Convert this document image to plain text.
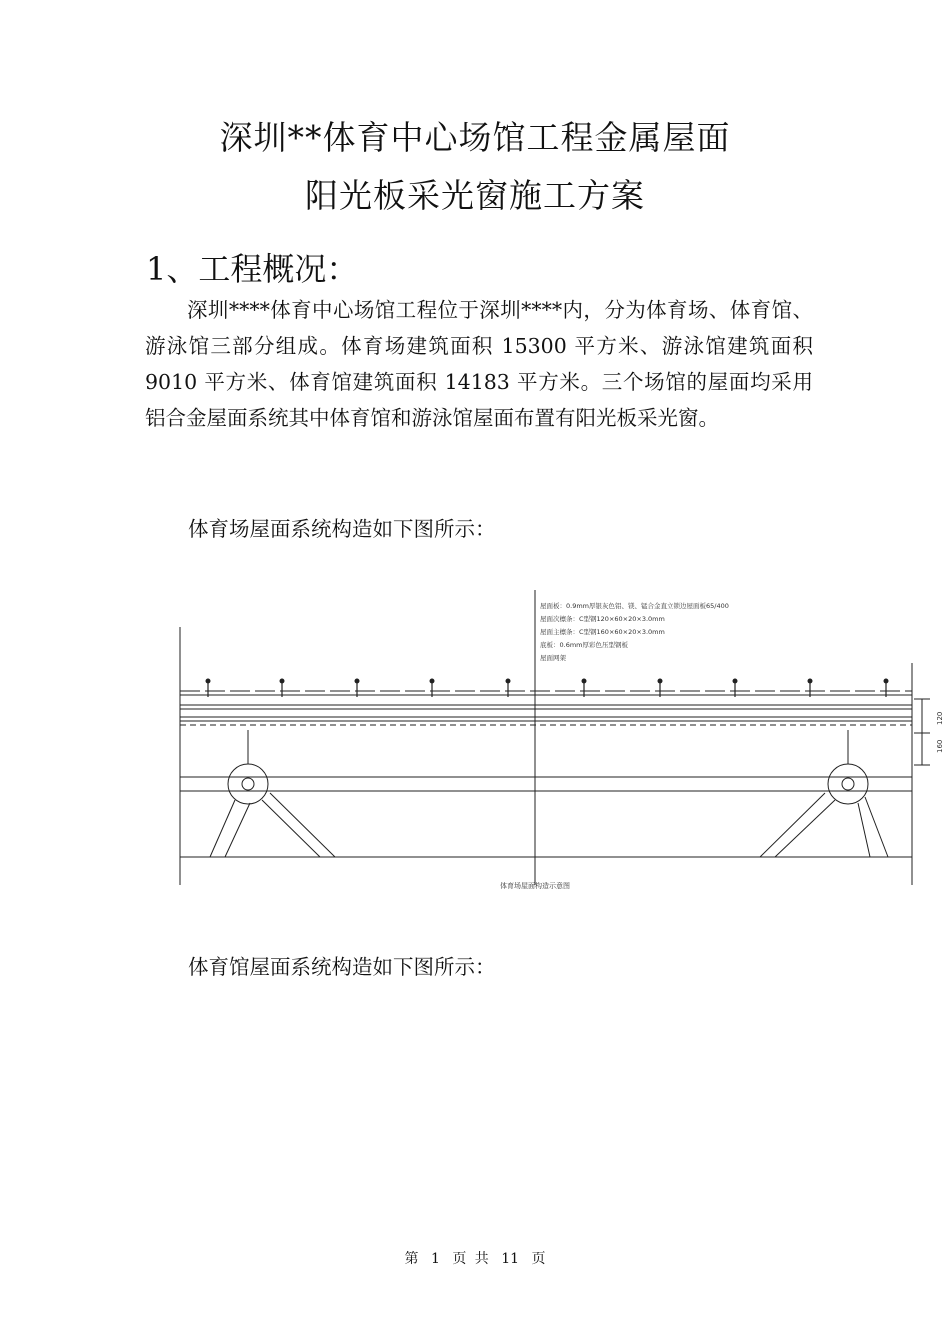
深圳**体育中心场馆工程金属屋面
阳光板采光窗施工方案
1、工程概况：
深圳****体育中心场馆工程位于深圳****内，分为体育场、体育馆、游泳馆三部分组成。体育场建筑面积 15300 平方米、游泳馆建筑面积 9010 平方米、体育馆建筑面积 14183 平方米。三个场馆的屋面均采用铝合金屋面系统其中体育馆和游泳馆屋面布置有阳光板采光窗。
体育场屋面系统构造如下图所示：
屋面板：0.9mm厚银灰色铝、镁、锰合金直立锁边屋面板65/400
屋面次檩条：C型钢120×60×20×3.0mm
屋面主檩条：C型钢160×60×20×3.0mm
底板：0.6mm厚彩色压型钢板
屋面网架
120
160
体育场屋面构造示意图
体育馆屋面系统构造如下图所示：
第 1 页 共 11 页
